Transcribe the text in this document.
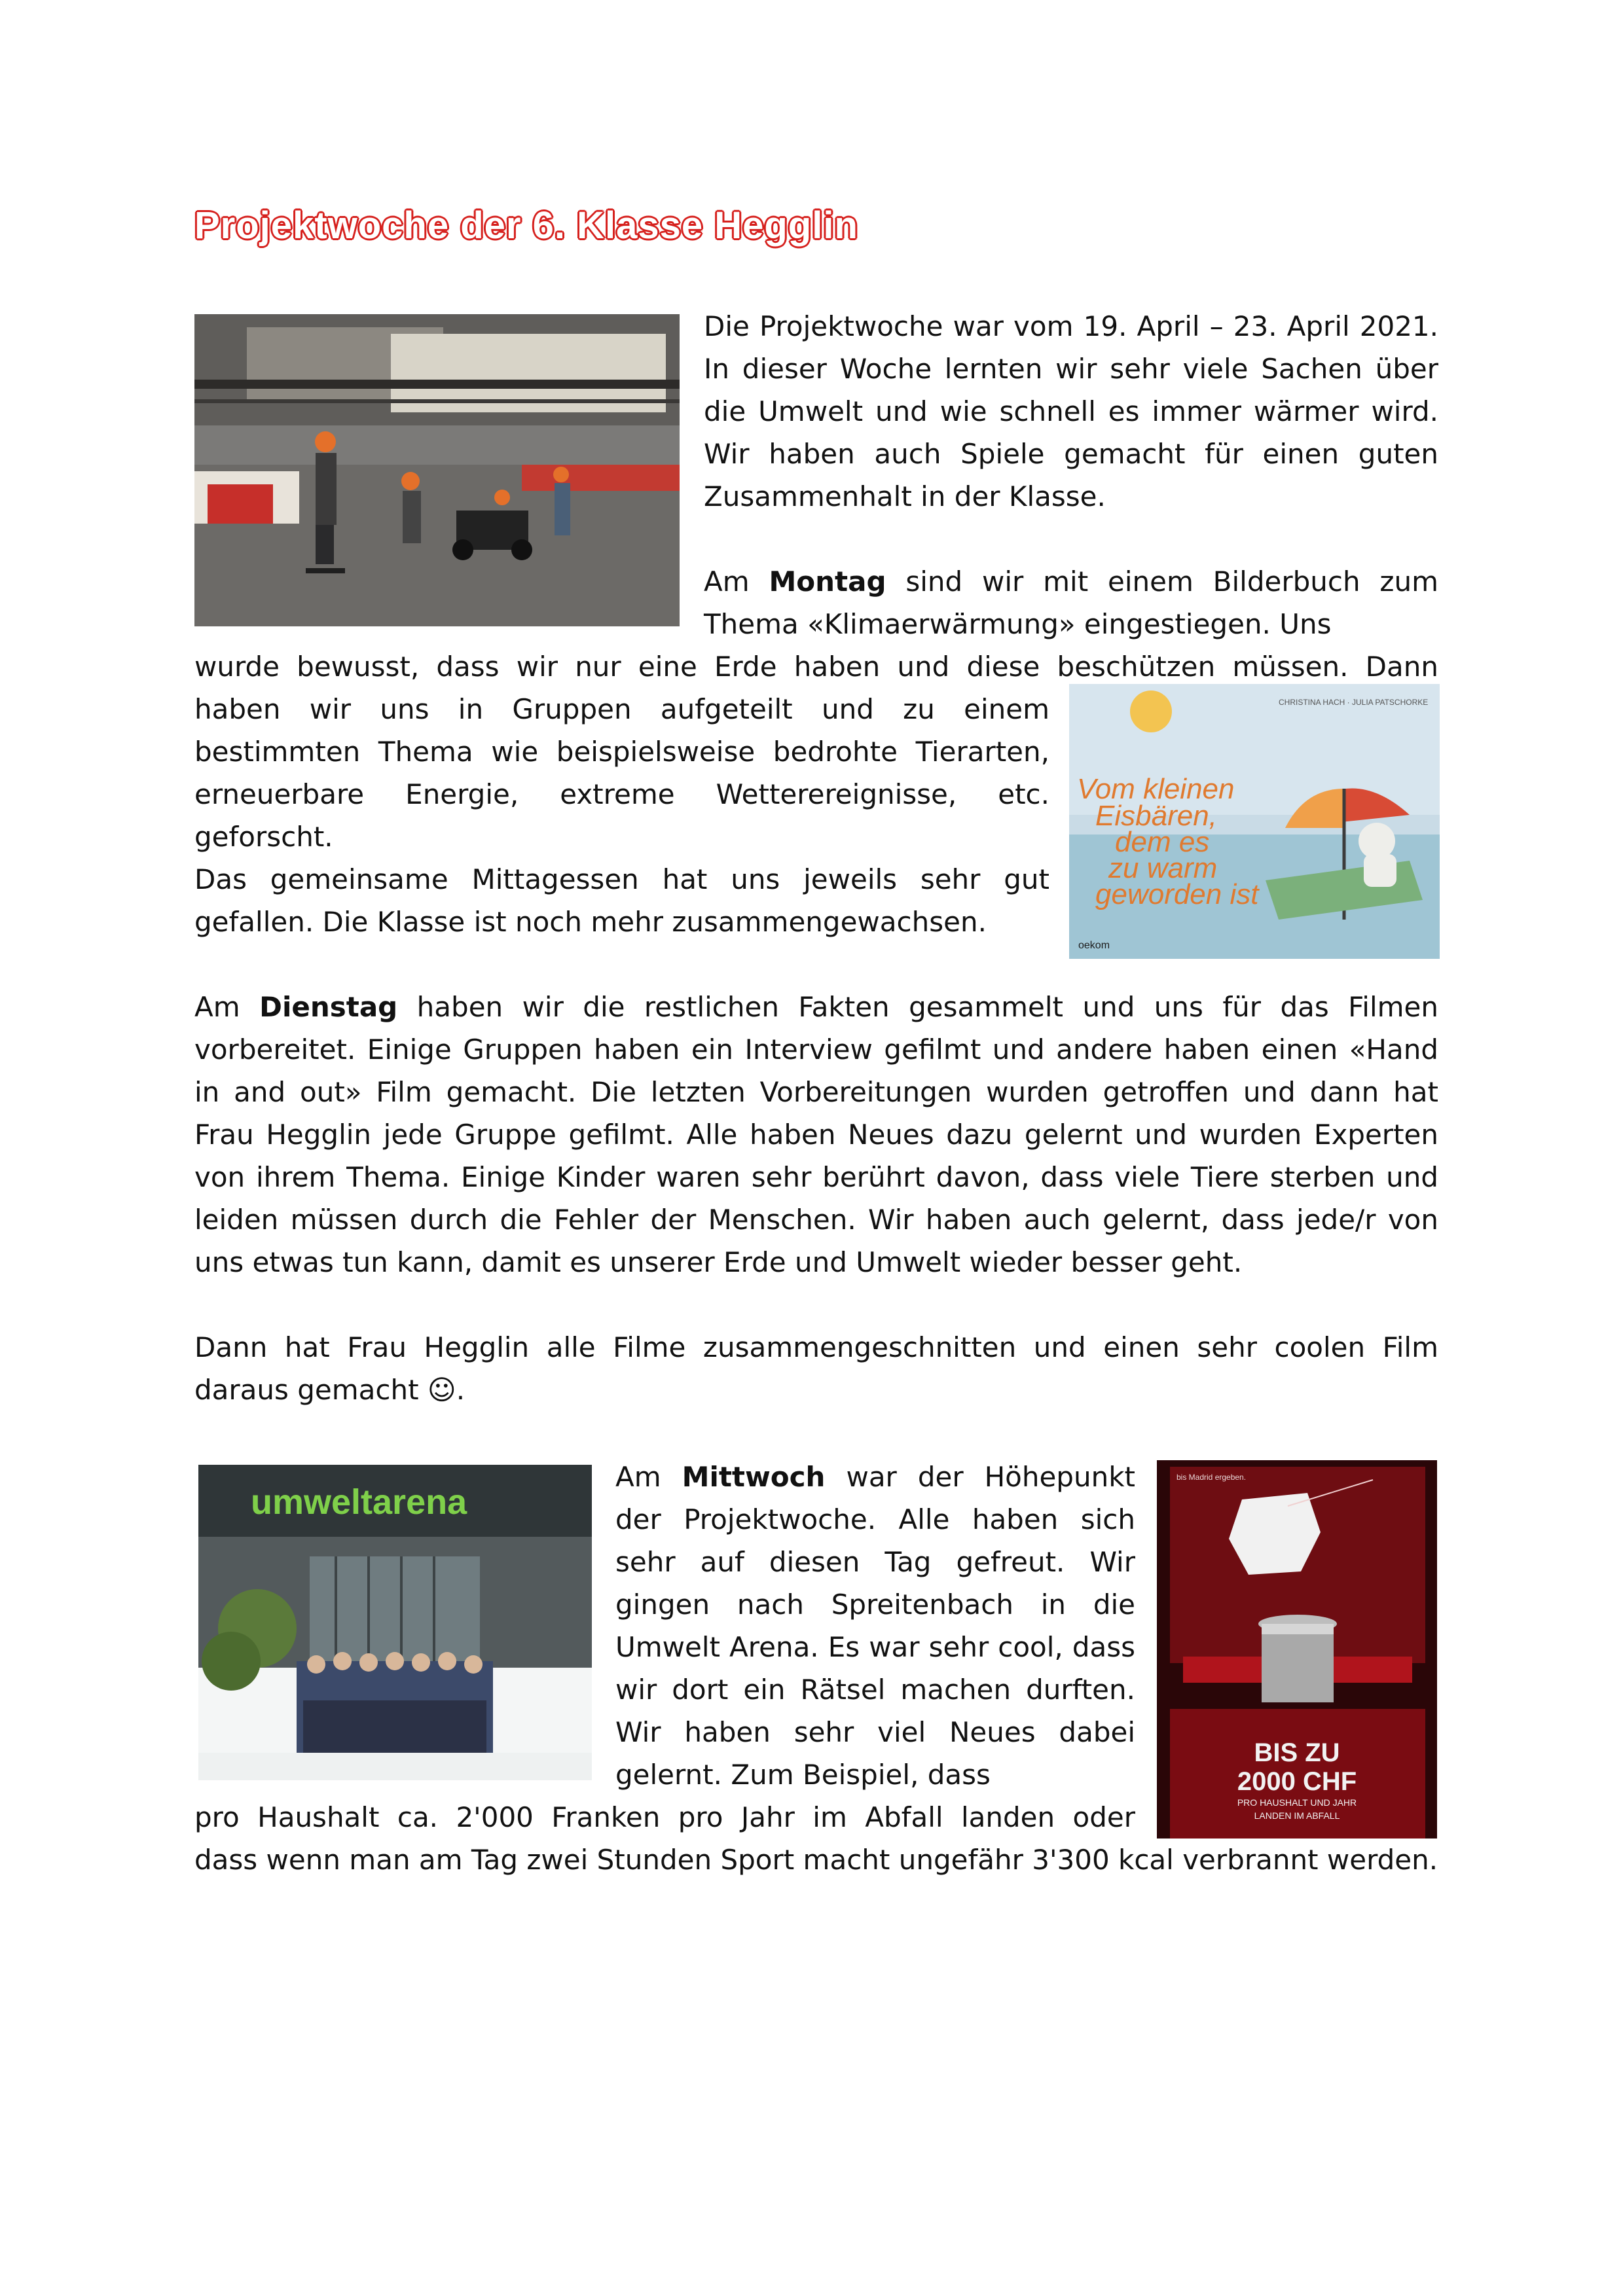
Projektwoche der 6. Klasse Hegglin

Die Projektwoche war vom 19. April – 23. April 2021. In dieser Woche lernten wir sehr viele Sachen über die Umwelt und wie schnell es immer wärmer wird. Wir haben auch Spiele gemacht für einen guten Zusammenhalt in der Klasse.

Am Montag sind wir mit einem Bilderbuch zum Thema «Klimaerwärmung» eingestiegen. Uns

wurde bewusst, dass wir nur eine Erde haben und diese beschützen müssen. Dann

haben wir uns in Gruppen aufgeteilt und zu einem bestimmten Thema wie beispielsweise bedrohte Tierarten, erneuerbare Energie, extreme Wetterereignisse, etc. geforscht.

Das gemeinsame Mittagessen hat uns jeweils sehr gut gefallen. Die Klasse ist noch mehr zusammengewachsen.

CHRISTINA HACH · JULIA PATSCHORKE
Vom kleinen
Eisbären,
dem es
zu warm
geworden ist
oekom

Am Dienstag haben wir die restlichen Fakten gesammelt und uns für das Filmen vorbereitet. Einige Gruppen haben ein Interview gefilmt und andere haben einen «Hand in and out» Film gemacht. Die letzten Vorbereitungen wurden getroffen und dann hat Frau Hegglin jede Gruppe gefilmt. Alle haben Neues dazu gelernt und wurden Experten von ihrem Thema. Einige Kinder waren sehr berührt davon, dass viele Tiere sterben und leiden müssen durch die Fehler der Menschen. Wir haben auch gelernt, dass jede/r von uns etwas tun kann, damit es unserer Erde und Umwelt wieder besser geht.

Dann hat Frau Hegglin alle Filme zusammengeschnitten und einen sehr coolen Film daraus gemacht ☺.

umweltarena

Am Mittwoch war der Höhepunkt der Projektwoche. Alle haben sich sehr auf diesen Tag gefreut. Wir gingen nach Spreitenbach in die Umwelt Arena. Es war sehr cool, dass wir dort ein Rätsel machen durften. Wir haben sehr viel Neues dabei gelernt. Zum Beispiel, dass

pro Haushalt ca. 2'000 Franken pro Jahr im Abfall landen oder

dass wenn man am Tag zwei Stunden Sport macht ungefähr 3'300 kcal verbrannt werden.

bis Madrid ergeben.
BIS ZU
2000 CHF
PRO HAUSHALT UND JAHR
LANDEN IM ABFALL
